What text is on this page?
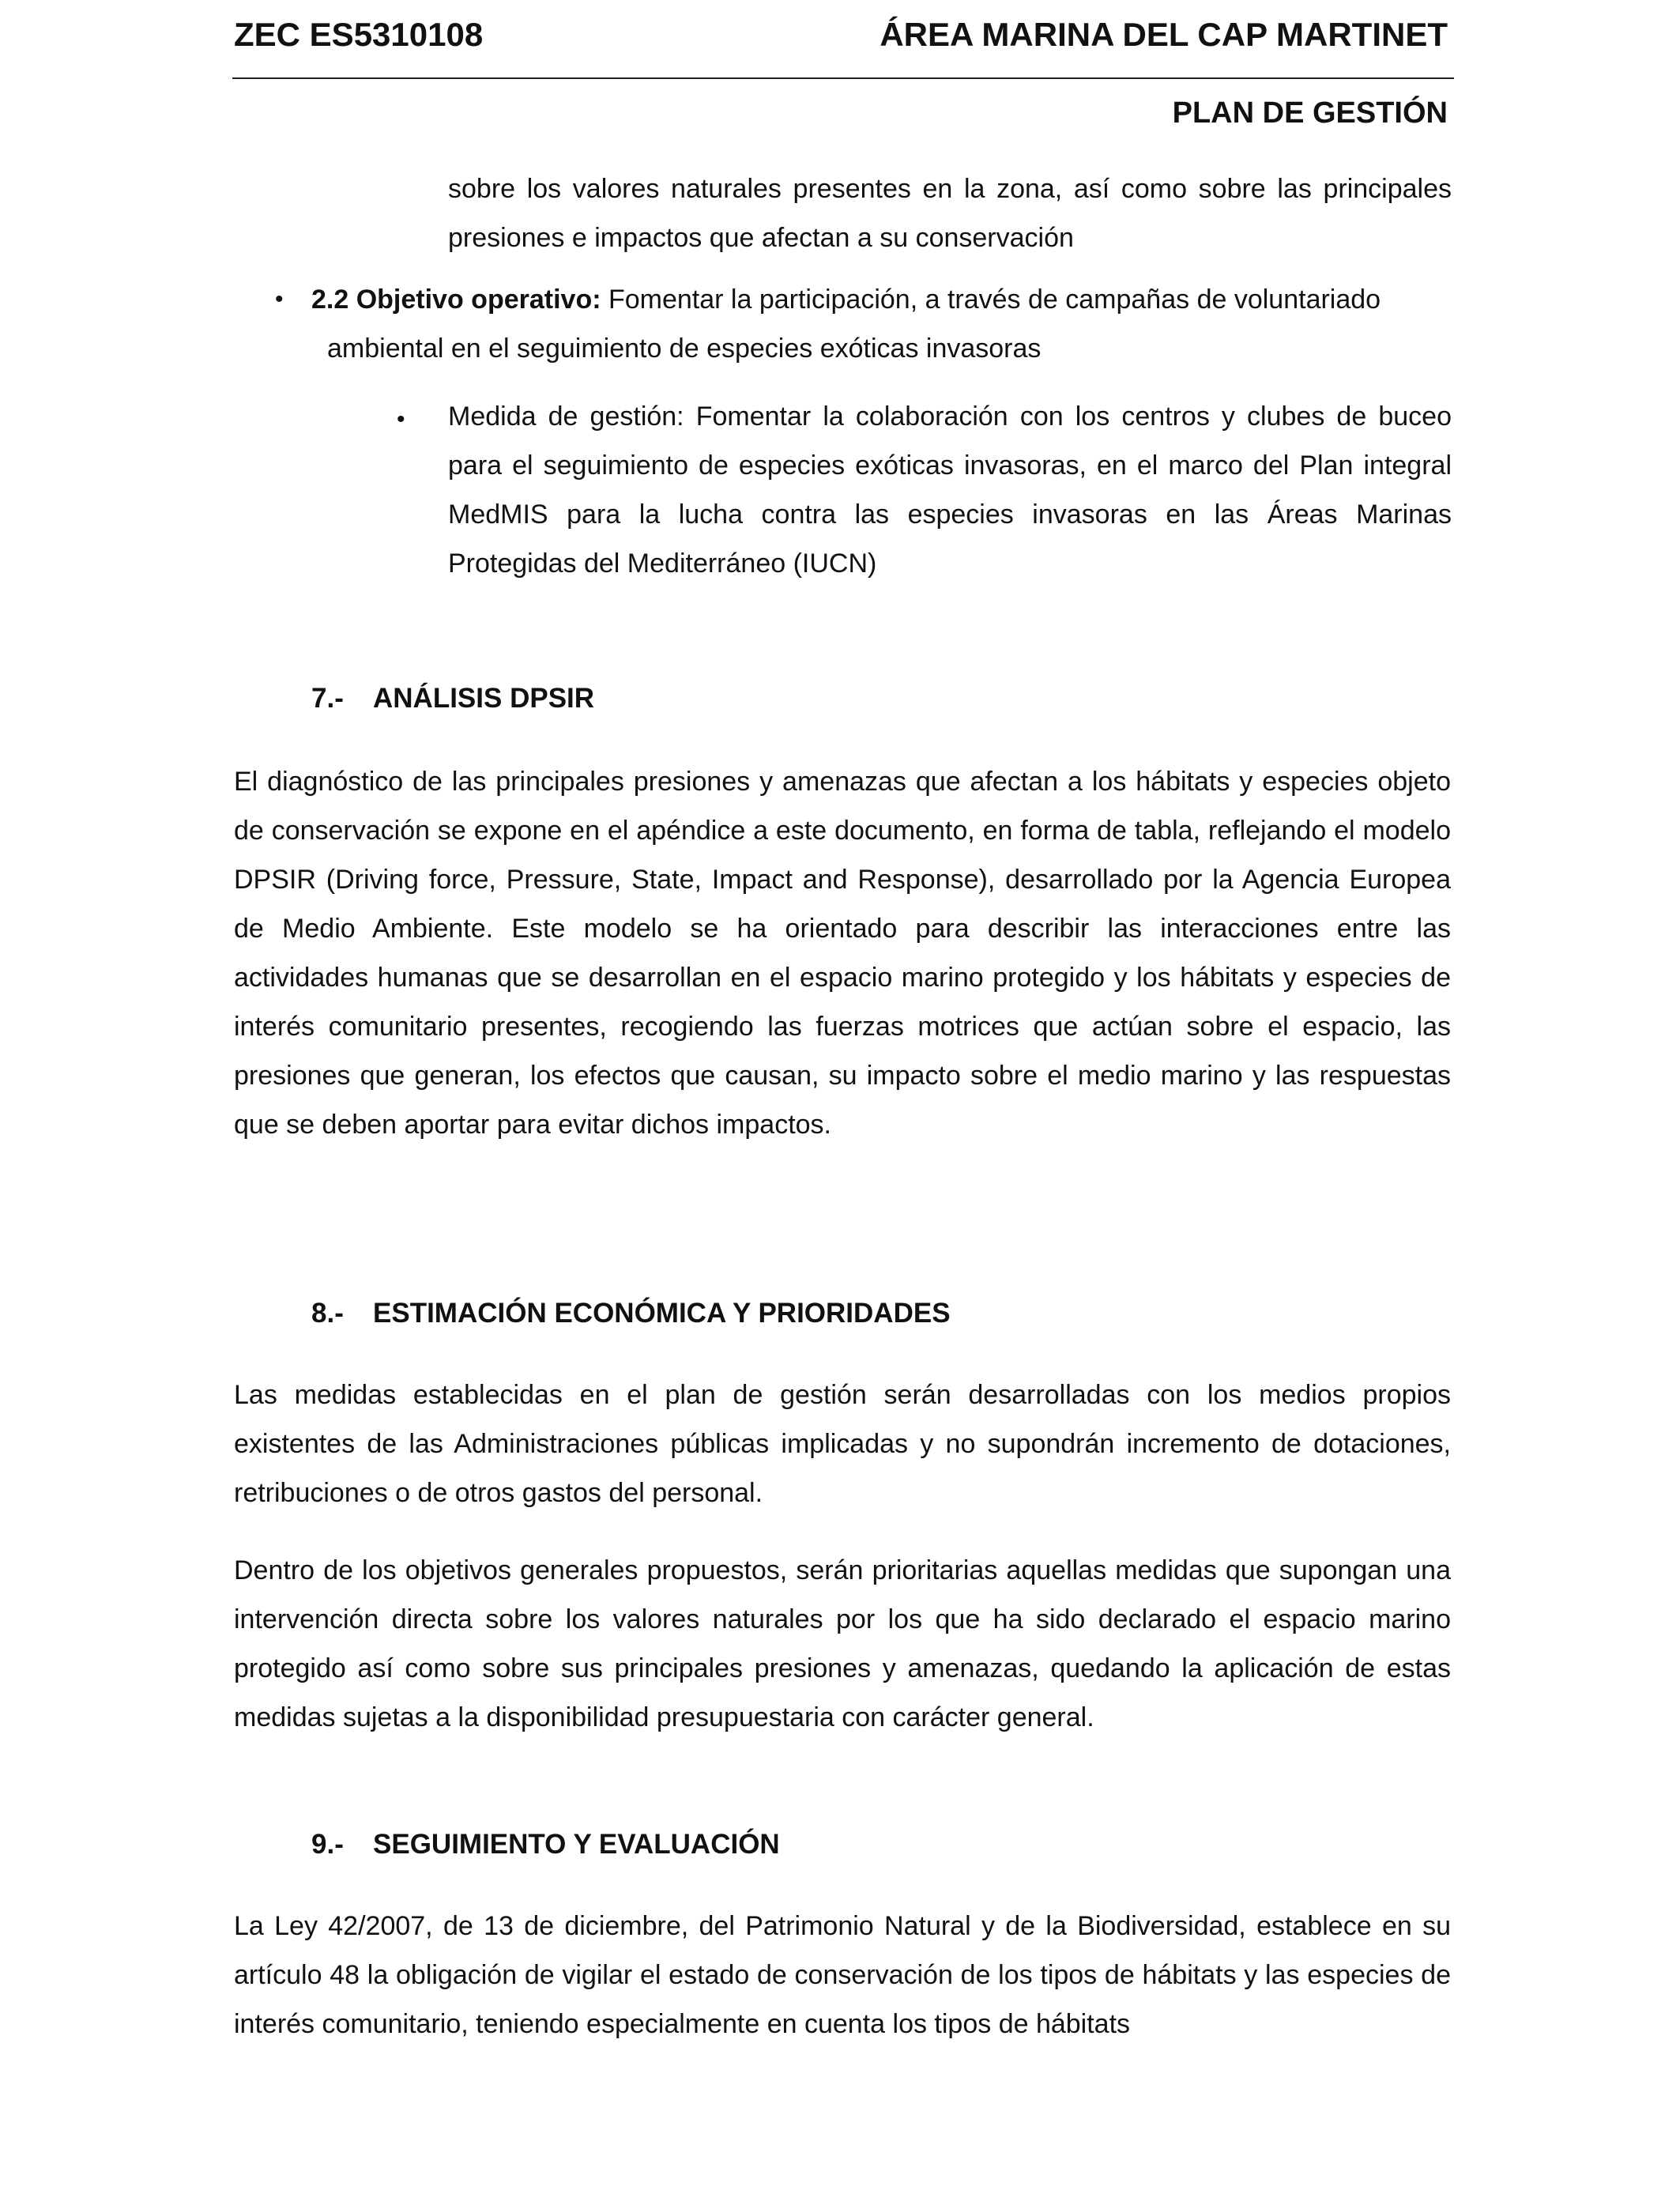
ZEC ES5310108	ÁREA MARINA DEL CAP MARTINET
PLAN DE GESTIÓN

sobre los valores naturales presentes en la zona, así como sobre las principales presiones e impactos que afectan a su conservación

• 2.2 Objetivo operativo: Fomentar la participación, a través de campañas de voluntariado
ambiental en el seguimiento de especies exóticas invasoras

• Medida de gestión: Fomentar la colaboración con los centros y clubes de buceo para el seguimiento de especies exóticas invasoras, en el marco del Plan integral MedMIS para la lucha contra las especies invasoras en las Áreas Marinas Protegidas del Mediterráneo (IUCN)

7.- ANÁLISIS DPSIR

El diagnóstico de las principales presiones y amenazas que afectan a los hábitats y especies objeto de conservación se expone en el apéndice a este documento, en forma de tabla, reflejando el modelo DPSIR (Driving force, Pressure, State, Impact and Response), desarrollado por la Agencia Europea de Medio Ambiente. Este modelo se ha orientado para describir las interacciones entre las actividades humanas que se desarrollan en el espacio marino protegido y los hábitats y especies de interés comunitario presentes, recogiendo las fuerzas motrices que actúan sobre el espacio, las presiones que generan, los efectos que causan, su impacto sobre el medio marino y las respuestas que se deben aportar para evitar dichos impactos.

8.- ESTIMACIÓN ECONÓMICA Y PRIORIDADES

Las medidas establecidas en el plan de gestión serán desarrolladas con los medios propios existentes de las Administraciones públicas implicadas y no supondrán incremento de dotaciones, retribuciones o de otros gastos del personal.

Dentro de los objetivos generales propuestos, serán prioritarias aquellas medidas que supongan una intervención directa sobre los valores naturales por los que ha sido declarado el espacio marino protegido así como sobre sus principales presiones y amenazas, quedando la aplicación de estas medidas sujetas a la disponibilidad presupuestaria con carácter general.

9.- SEGUIMIENTO Y EVALUACIÓN

La Ley 42/2007, de 13 de diciembre, del Patrimonio Natural y de la Biodiversidad, establece en su artículo 48 la obligación de vigilar el estado de conservación de los tipos de hábitats y las especies de interés comunitario, teniendo especialmente en cuenta los tipos de hábitats
